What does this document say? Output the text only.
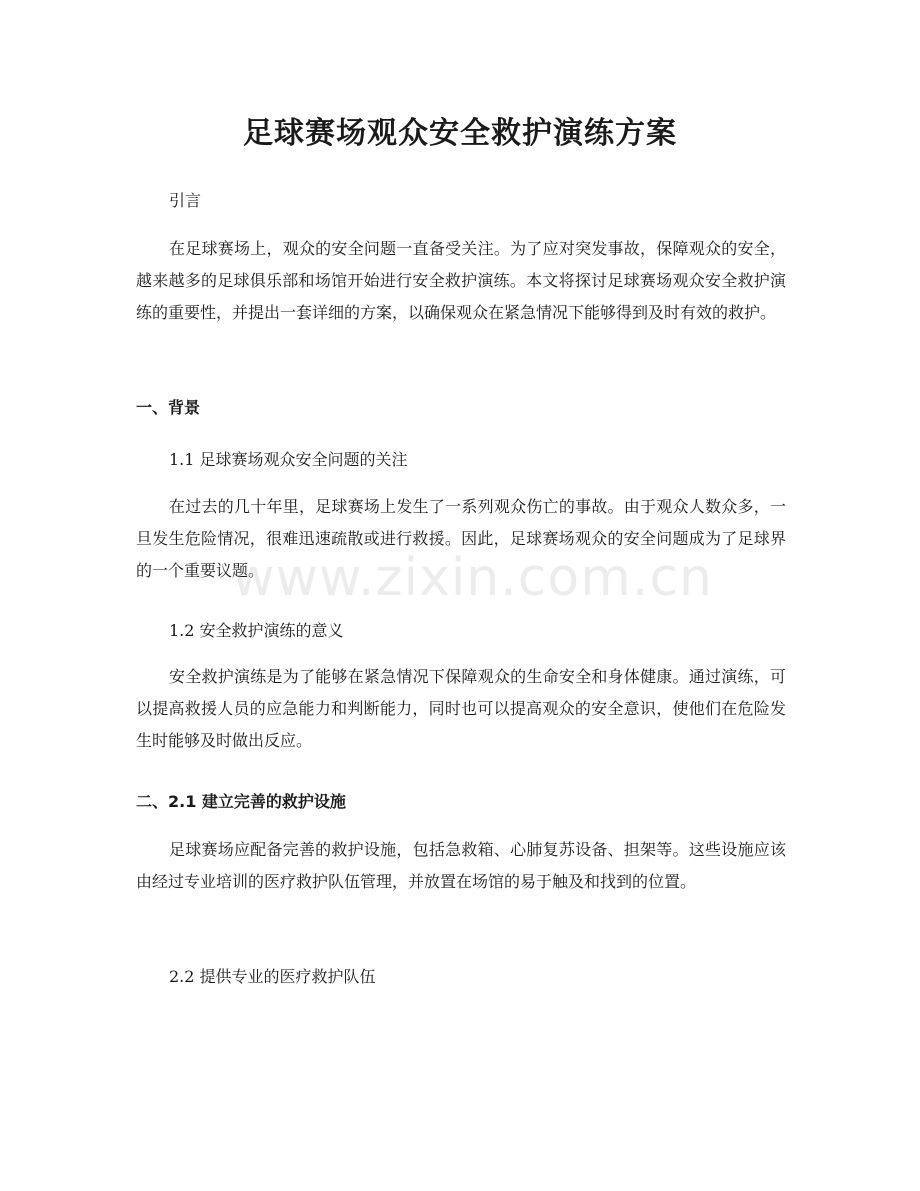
足球赛场观众安全救护演练方案

引言

在足球赛场上，观众的安全问题一直备受关注。为了应对突发事故，保障观众的安全，越来越多的足球俱乐部和场馆开始进行安全救护演练。本文将探讨足球赛场观众安全救护演练的重要性，并提出一套详细的方案，以确保观众在紧急情况下能够得到及时有效的救护。

一、背景

1.1 足球赛场观众安全问题的关注

在过去的几十年里，足球赛场上发生了一系列观众伤亡的事故。由于观众人数众多，一旦发生危险情况，很难迅速疏散或进行救援。因此，足球赛场观众的安全问题成为了足球界的一个重要议题。

1.2 安全救护演练的意义

安全救护演练是为了能够在紧急情况下保障观众的生命安全和身体健康。通过演练，可以提高救援人员的应急能力和判断能力，同时也可以提高观众的安全意识，使他们在危险发生时能够及时做出反应。

二、2.1 建立完善的救护设施

足球赛场应配备完善的救护设施，包括急救箱、心肺复苏设备、担架等。这些设施应该由经过专业培训的医疗救护队伍管理，并放置在场馆的易于触及和找到的位置。

2.2 提供专业的医疗救护队伍

www.zixin.com.cn
